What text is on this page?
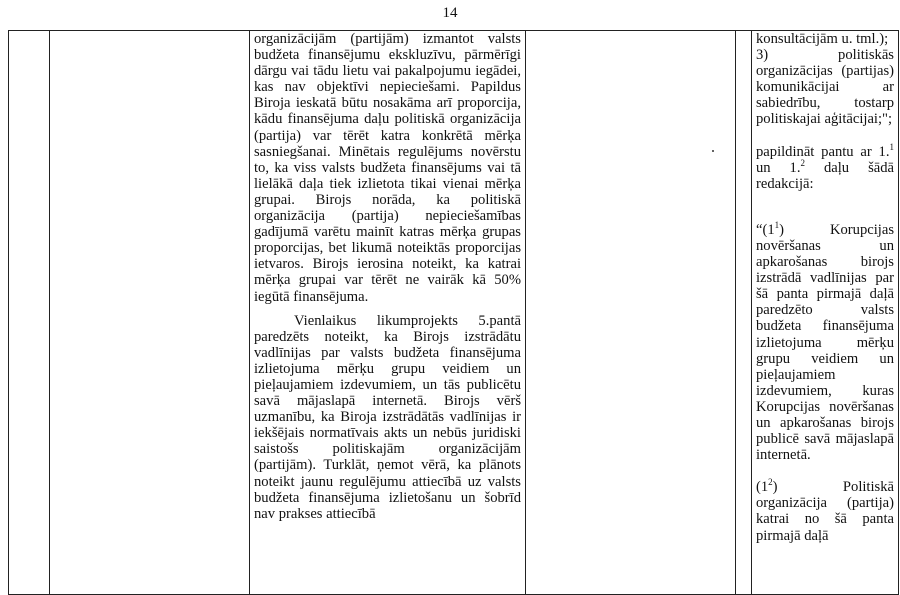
14

organizācijām (partijām) izmantot valsts budžeta finansējumu ekskluzīvu, pārmērīgi dārgu vai tādu lietu vai pakalpojumu iegādei, kas nav objektīvi nepieciešami. Papildus Biroja ieskatā būtu nosakāma arī proporcija, kādu finansējuma daļu politiskā organizācija (partija) var tērēt katra konkrētā mērķa sasniegšanai. Minētais regulējums novērstu to, ka viss valsts budžeta finansējums vai tā lielākā daļa tiek izlietota tikai vienai mērķa grupai. Birojs norāda, ka politiskā organizācija (partija) nepieciešamības gadījumā varētu mainīt katras mērķa grupas proporcijas, bet likumā noteiktās proporcijas ietvaros. Birojs ierosina noteikt, ka katrai mērķa grupai var tērēt ne vairāk kā 50% iegūtā finansējuma.

Vienlaikus likumprojekts 5.pantā paredzēts noteikt, ka Birojs izstrādātu vadlīnijas par valsts budžeta finansējuma izlietojuma mērķu grupu veidiem un pieļaujamiem izdevumiem, un tās publicētu savā mājaslapā internetā. Birojs vērš uzmanību, ka Biroja izstrādātās vadlīnijas ir iekšējais normatīvais akts un nebūs juridiski saistošs politiskajām organizācijām (partijām). Turklāt, ņemot vērā, ka plānots noteikt jaunu regulējumu attiecībā uz valsts budžeta finansējuma izlietošanu un šobrīd nav prakses attiecībā

konsultācijām u. tml.);

3) politiskās organizācijas (partijas) komunikācijai ar sabiedrību, tostarp politiskajai aģitācijai;";

papildināt pantu ar 1.$^1$ un 1.$^2$ daļu šādā redakcijā:

“$(1^1)$ Korupcijas novēršanas un apkarošanas birojs izstrādā vadlīnijas par šā panta pirmajā daļā paredzēto valsts budžeta finansējuma izlietojuma mērķu grupu veidiem un pieļaujamiem izdevumiem, kuras Korupcijas novēršanas un apkarošanas birojs publicē savā mājaslapā internetā.

$(1^2)$ Politiskā organizācija (partija) katrai no šā panta pirmajā daļā
